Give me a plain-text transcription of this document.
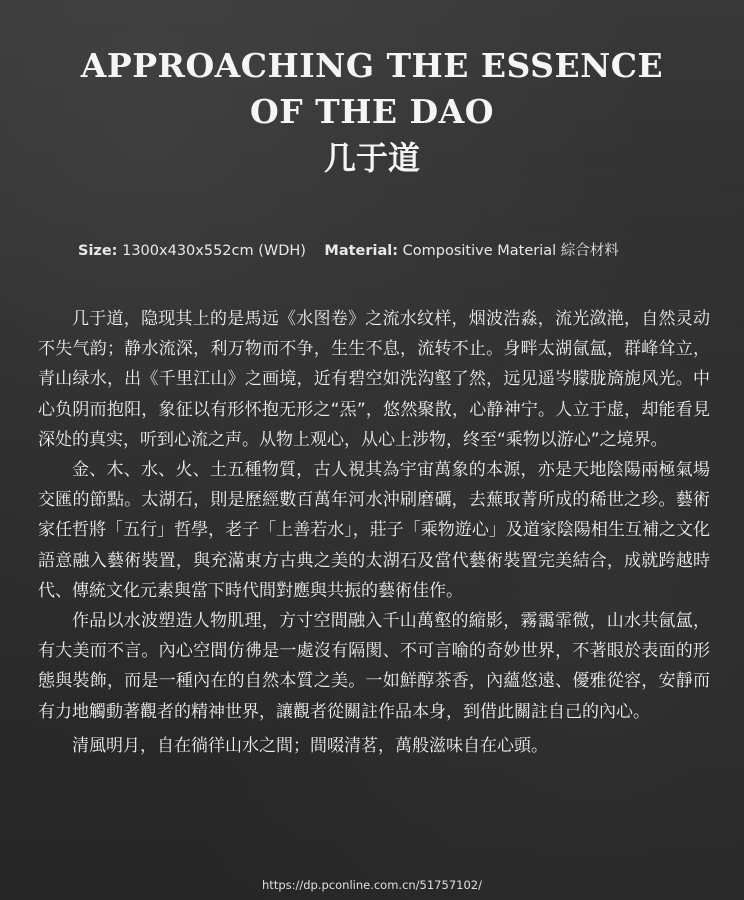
APPROACHING THE ESSENCE
OF THE DAO
几于道
Size: 1300x430x552cm (WDH) Material: Compositive Material 綜合材料

几于道，隐现其上的是馬远《水图卷》之流水纹样，烟波浩淼，流光潋滟，自然灵动不失气韵；静水流深，利万物而不争，生生不息，流转不止。身畔太湖氤氲，群峰耸立，青山绿水，出《千里江山》之画境，近有碧空如洗沟壑了然，远见遥岑朦胧旖旎风光。中心负阴而抱阳，象征以有形怀抱无形之“炁”，悠然聚散，心静神宁。人立于虚，却能看見深处的真实，听到心流之声。从物上观心，从心上涉物，终至“乘物以游心”之境界。

金、木、水、火、土五種物質，古人視其為宇宙萬象的本源，亦是天地陰陽兩極氣場交匯的節點。太湖石，則是歷經數百萬年河水沖刷磨礪，去蕪取菁所成的稀世之珍。藝術家任哲將「五行」哲學，老子「上善若水」，莊子「乘物遊心」及道家陰陽相生互補之文化語意融入藝術裝置，與充滿東方古典之美的太湖石及當代藝術裝置完美結合，成就跨越時代、傳統文化元素與當下時代間對應與共振的藝術佳作。

作品以水波塑造人物肌理，方寸空間融入千山萬壑的縮影，霧靄霏微，山水共氤氲，有大美而不言。內心空間仿彿是一處沒有隔閡、不可言喻的奇妙世界，不著眼於表面的形態與裝飾，而是一種內在的自然本質之美。一如鮮醇茶香，內蘊悠遠、優雅從容，安靜而有力地觸動著觀者的精神世界，讓觀者從關註作品本身，到借此關註自己的內心。

清風明月，自在徜徉山水之間；間啜清茗，萬般滋味自在心頭。

https://dp.pconline.com.cn/51757102/
